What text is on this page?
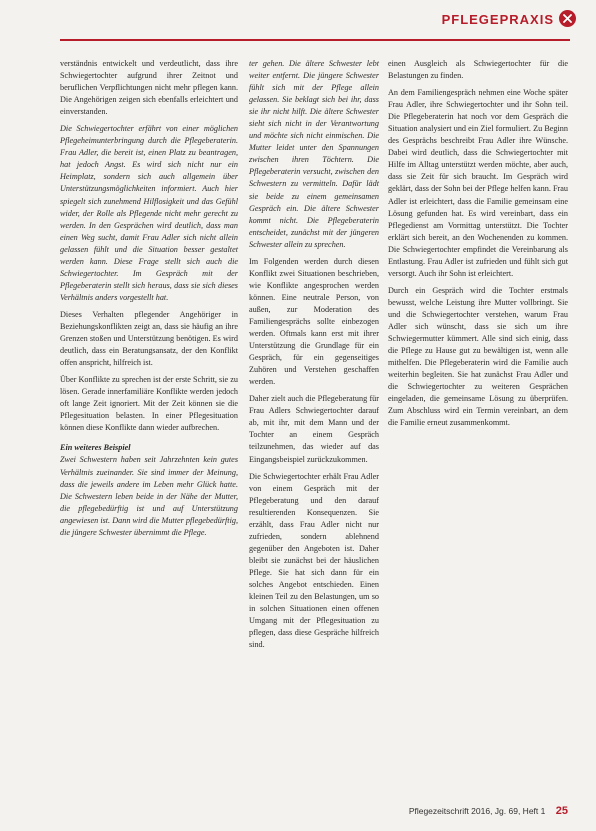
PFLEGEPRAXIS

verständnis entwickelt und verdeutlicht, dass ihre Schwiegertochter aufgrund ihrer Zeitnot und beruflichen Verpflichtungen nicht mehr pflegen kann. Die Angehörigen zeigen sich ebenfalls erleichtert und einverstanden.

Die Schwiegertochter erfährt von einer möglichen Pflegeheimunterbringung durch die Pflegeberaterin. Frau Adler, die bereit ist, einen Platz zu beantragen, hat jedoch Angst. Es wird sich nicht nur ein Heimplatz, sondern sich auch allgemein über Unterstützungsmöglichkeiten informiert. Auch hier spiegelt sich zunehmend Hilflosigkeit und das Gefühl wider, der Rolle als Pflegende nicht mehr gerecht zu werden. In den Gesprächen wird deutlich, dass man einen Weg sucht, damit Frau Adler sich nicht allein gelassen fühlt und die Situation besser gestaltet werden kann. Diese Frage stellt sich auch die Schwiegertochter. Im Gespräch mit der Pflegeberaterin stellt sich heraus, dass sie sich dieses Verhältnis anders vorgestellt hat.

Dieses Verhalten pflegender Angehöriger in Beziehungskonflikten zeigt an, dass sie häufig an ihre Grenzen stoßen und Unterstützung benötigen. Es wird deutlich, dass ein Beratungsansatz, der den Konflikt offen anspricht, hilfreich ist.

Über Konflikte zu sprechen ist der erste Schritt, sie zu lösen. Gerade innerfamiliäre Konflikte werden jedoch oft lange Zeit ignoriert. Mit der Zeit können sie die Pflegesituation belasten. In einer Pflegesituation können diese Konflikte dann wieder aufbrechen.

Ein weiteres Beispiel

Zwei Schwestern haben seit Jahrzehnten kein gutes Verhältnis zueinander. Sie sind immer der Meinung, dass die jeweils andere im Leben mehr Glück hatte. Die Schwestern leben beide in der Nähe der Mutter, die pflegebedürftig ist und auf Unterstützung angewiesen ist. Dann wird die Mutter pflegebedürftig, die jüngere Schwester übernimmt die Pflege.

ter gehen. Die ältere Schwester lebt weiter entfernt. Die jüngere Schwester fühlt sich mit der Pflege allein gelassen. Sie beklagt sich bei ihr, dass sie ihr nicht hilft. Die ältere Schwester sieht sich nicht in der Verantwortung und möchte sich nicht einmischen. Die Mutter leidet unter den Spannungen zwischen ihren Töchtern. Die Pflegeberaterin versucht, zwischen den Schwestern zu vermitteln. Dafür lädt sie beide zu einem gemeinsamen Gespräch ein. Die ältere Schwester kommt nicht. Die Pflegeberaterin entscheidet, zunächst mit der jüngeren Schwester allein zu sprechen.

Im Folgenden werden durch diesen Konflikt zwei Situationen beschrieben, wie Konflikte angesprochen werden können. Eine neutrale Person, von außen, zur Moderation des Familiengesprächs sollte einbezogen werden. Oftmals kann erst mit ihrer Unterstützung die Grundlage für ein Gespräch, für ein gegenseitiges Zuhören und Verstehen geschaffen werden.

Daher zielt auch die Pflegeberatung für Frau Adlers Schwiegertochter darauf ab, mit ihr, mit dem Mann und der Tochter an einem Gespräch teilzunehmen, das wieder auf das Eingangsbeispiel zurückzukommen.

Die Schwiegertochter erhält Frau Adler von einem Gespräch mit der Pflegeberatung und den darauf resultierenden Konsequenzen. Sie erzählt, dass Frau Adler nicht nur zufrieden, sondern ablehnend gegenüber den Angeboten ist. Daher bleibt sie zunächst bei der häuslichen Pflege. Sie hat sich dann für ein solches Angebot entschieden. Einen kleinen Teil zu den Belastungen, um so in solchen Situationen einen offenen Umgang mit der Pflegesituation zu pflegen, dass diese Gespräche hilfreich sind.

einen Ausgleich als Schwiegertochter für die Belastungen zu finden.

An dem Familiengespräch nehmen eine Woche später Frau Adler, ihre Schwiegertochter und ihr Sohn teil. Die Pflegeberaterin hat noch vor dem Gespräch die Situation analysiert und ein Ziel formuliert. Zu Beginn des Gesprächs beschreibt Frau Adler ihre Wünsche. Dabei wird deutlich, dass die Schwiegertochter mit Hilfe im Alltag unterstützt werden möchte, aber auch, dass sie Zeit für sich braucht. Im Gespräch wird geklärt, dass der Sohn bei der Pflege helfen kann. Frau Adler ist erleichtert, dass die Familie gemeinsam eine Lösung gefunden hat. Es wird vereinbart, dass ein Pflegedienst am Vormittag unterstützt. Die Tochter erklärt sich bereit, an den Wochenenden zu kommen. Die Schwiegertochter empfindet die Vereinbarung als Entlastung. Frau Adler ist zufrieden und fühlt sich gut versorgt. Auch ihr Sohn ist erleichtert.

Durch ein Gespräch wird die Tochter erstmals bewusst, welche Leistung ihre Mutter vollbringt. Sie und die Schwiegertochter verstehen, warum Frau Adler sich wünscht, dass sie sich um ihre Schwiegermutter kümmert. Alle sind sich einig, dass die Pflege zu Hause gut zu bewältigen ist, wenn alle mithelfen. Die Pflegeberaterin wird die Familie auch weiterhin begleiten. Sie hat zunächst Frau Adler und die Schwiegertochter zu weiteren Gesprächen eingeladen, die gemeinsame Lösung zu überprüfen. Zum Abschluss wird ein Termin vereinbart, an dem die Familie erneut zusammenkommt.

Pflegezeitschrift 2016, Jg. 69, Heft 1 25
